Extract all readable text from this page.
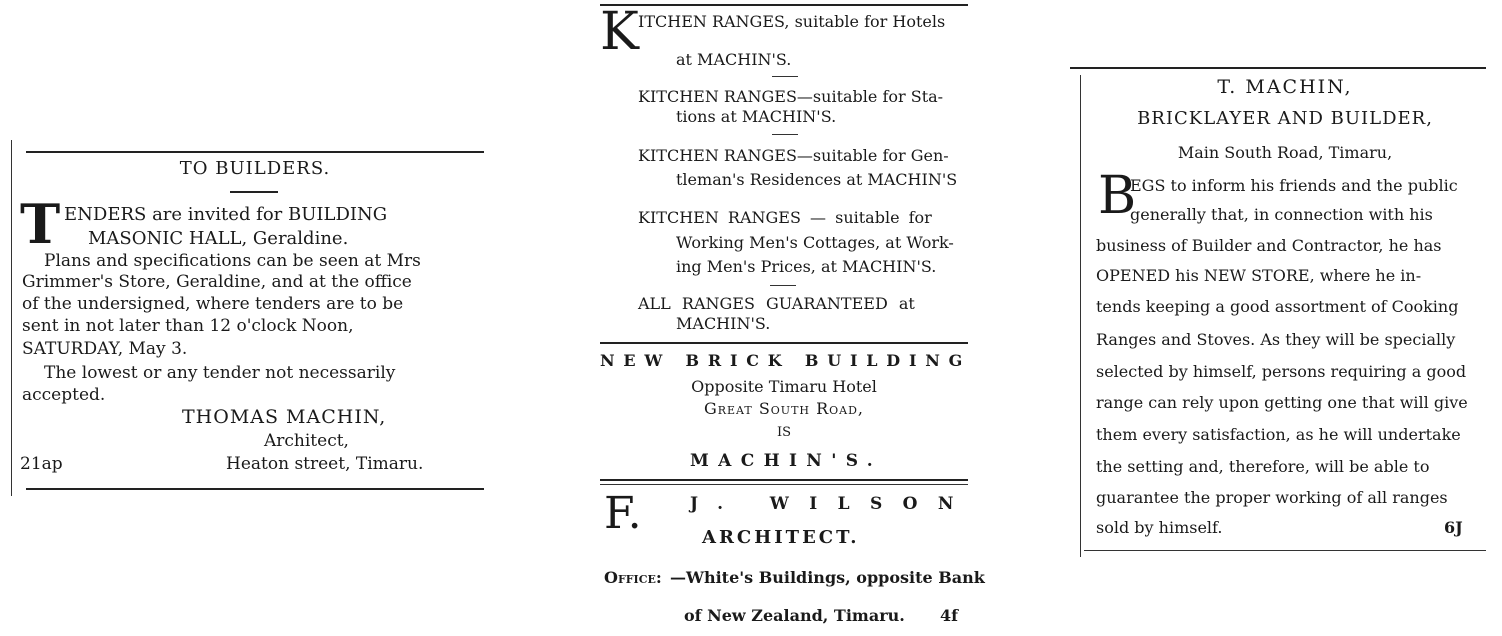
TO BUILDERS.
T ENDERS are invited for BUILDING
MASONIC HALL, Geraldine.
Plans and specifications can be seen at Mrs
Grimmer's Store, Geraldine, and at the office
of the undersigned, where tenders are to be
sent in not later than 12 o'clock Noon,
SATURDAY, May 3.
The lowest or any tender not necessarily
accepted.
THOMAS MACHIN,
Architect,
21ap	Heaton street, Timaru.
K ITCHEN RANGES, suitable for Hotels
at MACHIN'S.
KITCHEN RANGES—suitable for Sta-
tions at MACHIN'S.
KITCHEN RANGES—suitable for Gen-
tleman's Residences at MACHIN'S
KITCHEN RANGES — suitable for
Working Men's Cottages, at Work-
ing Men's Prices, at MACHIN'S.
ALL RANGES GUARANTEED at
MACHIN'S.
NEW BRICK BUILDING
Opposite Timaru Hotel
Great South Road,
IS
MACHIN'S.
F.	J. WILSON
ARCHITECT.
Office: —White's Buildings, opposite Bank
of New Zealand, Timaru. 4f
T. MACHIN,
BRICKLAYER AND BUILDER,
Main South Road, Timaru,
B
EGS to inform his friends and the public
generally that, in connection with his
business of Builder and Contractor, he has
OPENED his NEW STORE, where he in-
tends keeping a good assortment of Cooking
Ranges and Stoves. As they will be specially
selected by himself, persons requiring a good
range can rely upon getting one that will give
them every satisfaction, as he will undertake
the setting and, therefore, will be able to
guarantee the proper working of all ranges
sold by himself.	6J
